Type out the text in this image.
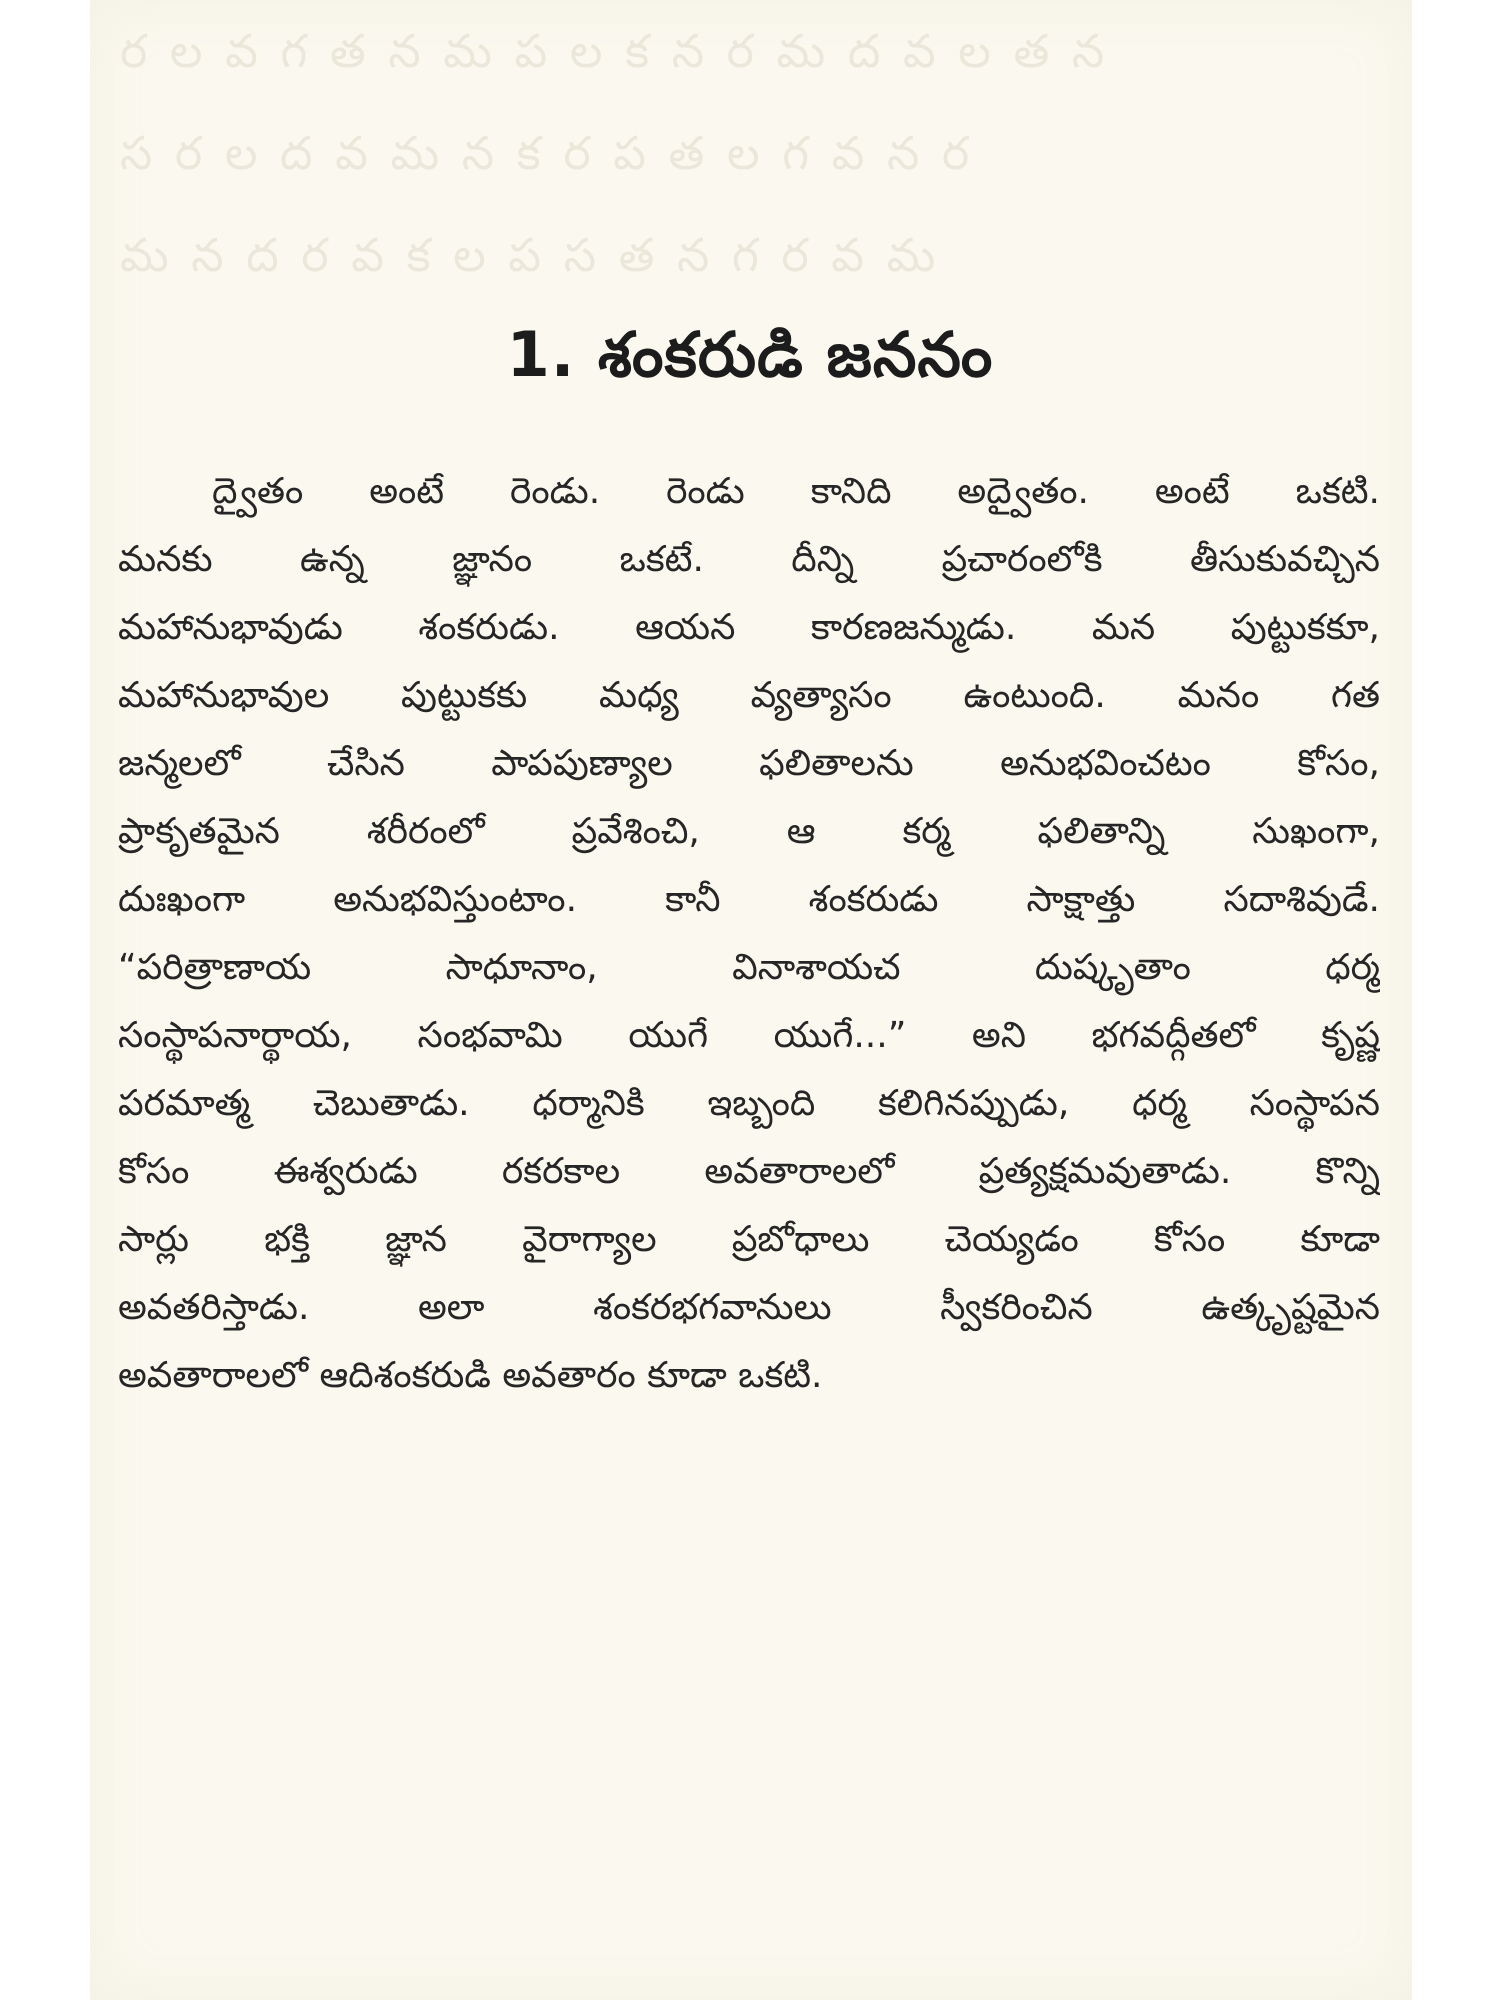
ర ల వ గ త న మ ప ల క న ర మ ద వ ల త న
స ర ల ద వ మ న క ర ప త ల గ వ న ర
మ న ద ర వ క ల ప స త న గ ర వ మ
1. శంకరుడి జననం
ద్వైతం అంటే రెండు. రెండు కానిది అద్వైతం. అంటే ఒకటి.
మనకు ఉన్న జ్ఞానం ఒకటే. దీన్ని ప్రచారంలోకి తీసుకువచ్చిన
మహానుభావుడు శంకరుడు. ఆయన కారణజన్ముడు. మన పుట్టుకకూ,
మహానుభావుల పుట్టుకకు మధ్య వ్యత్యాసం ఉంటుంది. మనం గత
జన్మలలో చేసిన పాపపుణ్యాల ఫలితాలను అనుభవించటం కోసం,
ప్రాకృతమైన శరీరంలో ప్రవేశించి, ఆ కర్మ ఫలితాన్ని సుఖంగా,
దుఃఖంగా అనుభవిస్తుంటాం. కానీ శంకరుడు సాక్షాత్తు సదాశివుడే.
“పరిత్రాణాయ సాధూనాం, వినాశాయచ దుష్కృతాం ధర్మ
సంస్థాపనార్థాయ, సంభవామి యుగే యుగే...” అని భగవద్గీతలో కృష్ణ
పరమాత్మ చెబుతాడు. ధర్మానికి ఇబ్బంది కలిగినప్పుడు, ధర్మ సంస్థాపన
కోసం ఈశ్వరుడు రకరకాల అవతారాలలో ప్రత్యక్షమవుతాడు. కొన్ని
సార్లు భక్తి జ్ఞాన వైరాగ్యాల ప్రబోధాలు చెయ్యడం కోసం కూడా
అవతరిస్తాడు. అలా శంకరభగవానులు స్వీకరించిన ఉత్కృష్టమైన
అవతారాలలో ఆదిశంకరుడి అవతారం కూడా ఒకటి.
